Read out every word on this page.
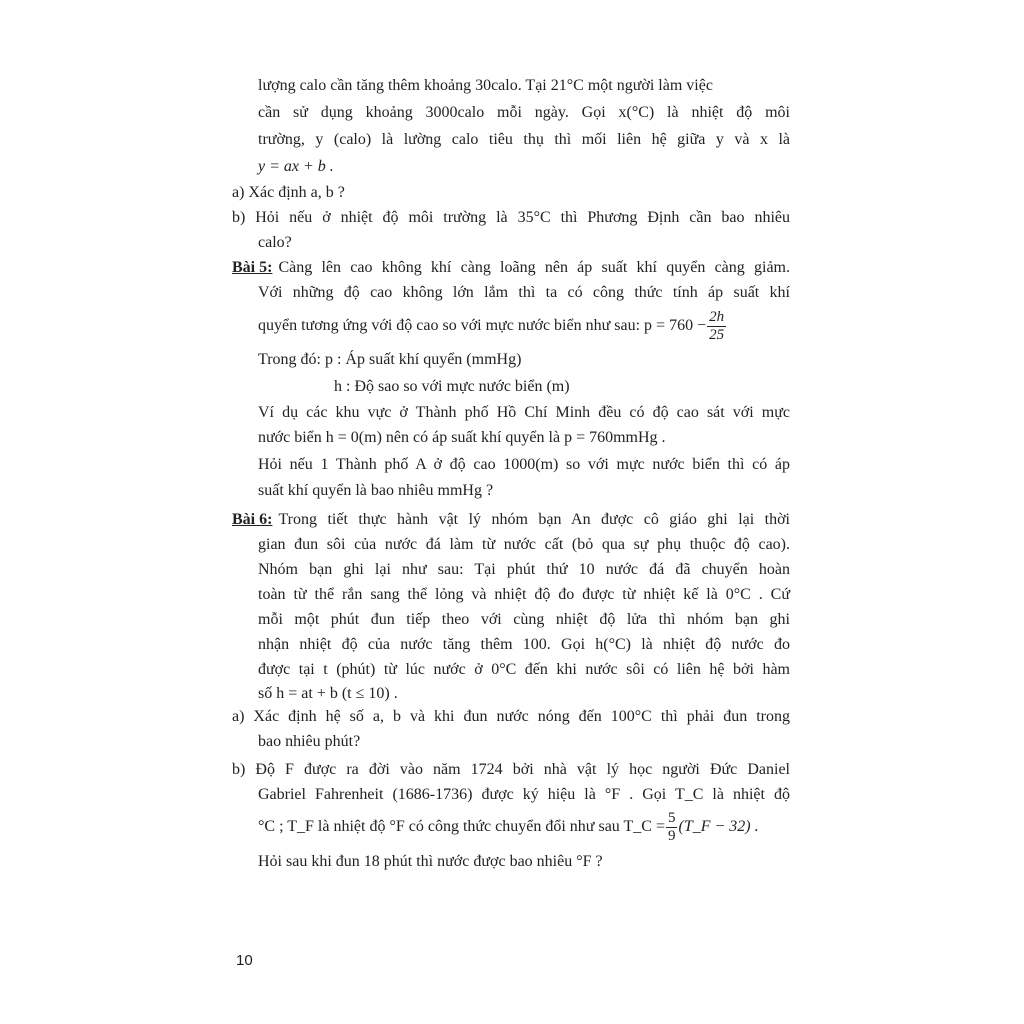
lượng calo cần tăng thêm khoảng 30calo. Tại 21°C một người làm việc
cần sử dụng khoảng 3000calo mỗi ngày. Gọi x(°C) là nhiệt độ môi
trường, y (calo) là lường calo tiêu thụ thì mối liên hệ giữa y và x là
y = ax + b .
a) Xác định a, b ?
b) Hỏi nếu ở nhiệt độ môi trường là 35°C thì Phương Định cần bao nhiêu
calo?
Bài 5: Càng lên cao không khí càng loãng nên áp suất khí quyển càng giảm.
Với những độ cao không lớn lắm thì ta có công thức tính áp suất khí
quyển tương ứng với độ cao so với mực nước biển như sau: $p = 760 - \frac{2h}{25}$
Trong đó: p : Áp suất khí quyển (mmHg)
h : Độ sao so với mực nước biển (m)
Ví dụ các khu vực ở Thành phố Hồ Chí Minh đều có độ cao sát với mực
nước biển h = 0(m) nên có áp suất khí quyển là p = 760mmHg .
Hỏi nếu 1 Thành phố A ở độ cao 1000(m) so với mực nước biển thì có áp
suất khí quyển là bao nhiêu mmHg ?
Bài 6: Trong tiết thực hành vật lý nhóm bạn An được cô giáo ghi lại thời
gian đun sôi của nước đá làm từ nước cất (bỏ qua sự phụ thuộc độ cao).
Nhóm bạn ghi lại như sau: Tại phút thứ 10 nước đá đã chuyển hoàn
toàn từ thể rắn sang thể lỏng và nhiệt độ đo được từ nhiệt kế là 0°C . Cứ
mỗi một phút đun tiếp theo với cùng nhiệt độ lửa thì nhóm bạn ghi
nhận nhiệt độ của nước tăng thêm 100. Gọi h(°C) là nhiệt độ nước đo
được tại t (phút) từ lúc nước ở 0°C đến khi nước sôi có liên hệ bởi hàm
số h = at + b (t ≤ 10) .
a) Xác định hệ số a, b và khi đun nước nóng đến 100°C thì phải đun trong
bao nhiêu phút?
b) Độ F được ra đời vào năm 1724 bởi nhà vật lý học người Đức Daniel
Gabriel Fahrenheit (1686-1736) được ký hiệu là °F . Gọi T_C là nhiệt độ
°C ; T_F là nhiệt độ °F có công thức chuyển đổi như sau T_C = $\frac{5}{9}$ (T_F − 32) .
Hỏi sau khi đun 18 phút thì nước được bao nhiêu °F ?
10
